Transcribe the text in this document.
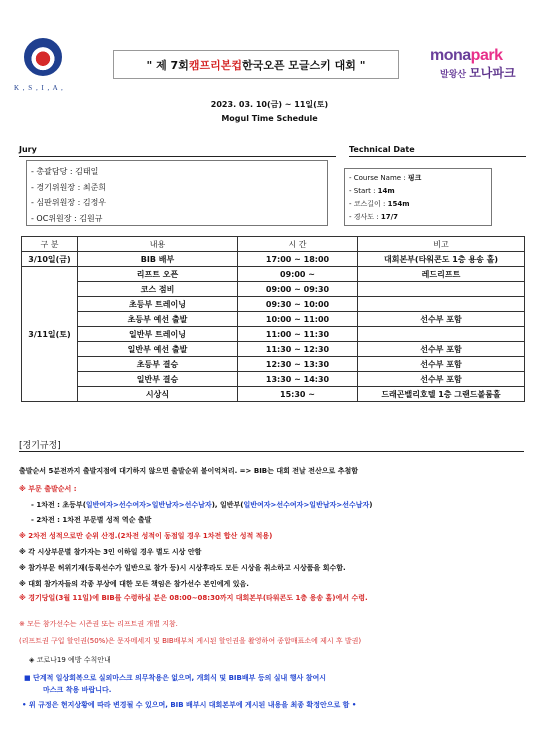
K , S , I , A ,
" 제 7회 캠프리본컵 한국오픈 모글스키 대회 "
monapark
발왕산 모나파크
2023. 03. 10(금) ~ 11일(토)
Mogul Time Schedule
Jury	Technical Date
- 총괄담당 : 김태일
- 경기위원장 : 최준희
- 심판위원장 : 김정우
- OC위원장 : 김원규
- Course Name : 핑크
- Start : 14m
- 코스길이 : 154m
- 경사도 : 17/7
구 분	내용	시 간	비고
3/10일(금)	BIB 배부	17:00 ~ 18:00	대회본부(타워콘도 1층 용송 홀)
3/11일(토)	리프트 오픈	09:00 ~	레드리프트
	코스 점비	09:00 ~ 09:30	
	초등부 트레이닝	09:30 ~ 10:00	
	초등부 예선 출발	10:00 ~ 11:00	선수부 포함
	일반부 트레이닝	11:00 ~ 11:30	
	일반부 예선 출발	11:30 ~ 12:30	선수부 포함
	초등부 결승	12:30 ~ 13:30	선수부 포함
	일반부 결승	13:30 ~ 14:30	선수부 포함
	시상식	15:30 ~	드래곤밸리호텔 1층 그랜드볼룸홀
[경기규정]
출발순서 5분전까지 출발지점에 대기하지 않으면 출발순위 붙이억처리. => BIB는 대회 전날 전산으로 추첨함
※ 부문 출발순서 :
- 1차전 : 초등부(일반여자>선수여자>일반남자>선수남자), 일반부(일반여자>선수여자>일반남자>선수남자)
- 2차전 : 1차전 부문별 성적 역순 출발
※ 2차전 성적으로만 순위 산정.(2차전 성적이 동점일 경우 1차전 합산 성적 적용)
※ 각 시상부문별 참가자는 3인 이하일 경우 별도 시상 안함
※ 참가부문 허위기재(등록선수가 일반으로 참가 등)시 시상후라도 모든 시상을 취소하고 시상품을 회수함.
※ 대회 참가자들의 각종 부상에 대한 모든 책임은 참가선수 본인에게 있음.
※ 경기당일(3월 11일)에 BIB를 수령하실 분은 08:00~08:30까지 대회본부(타워콘도 1층 용송 홀)에서 수령.
※ 모든 참가선수는 시즌권 또는 리프트권 개별 지참.
(리프트권 구입 할인권(50%)은 문자메세지 및 BIB배부처 게시된 할인권을 촬영하여 종합매표소에 제시 후 발권)
◈ 코로나19 예방 수칙안내
■ 단계적 일상회복으로 실외마스크 의무착용은 없으며, 개회식 및 BIB배부 등의 실내 행사 참여시
마스크 착용 바랍니다.
• 위 규정은 현지상황에 따라 변경될 수 있으며, BIB 배부시 대회본부에 게시된 내용을 최종 확정안으로 함 •
